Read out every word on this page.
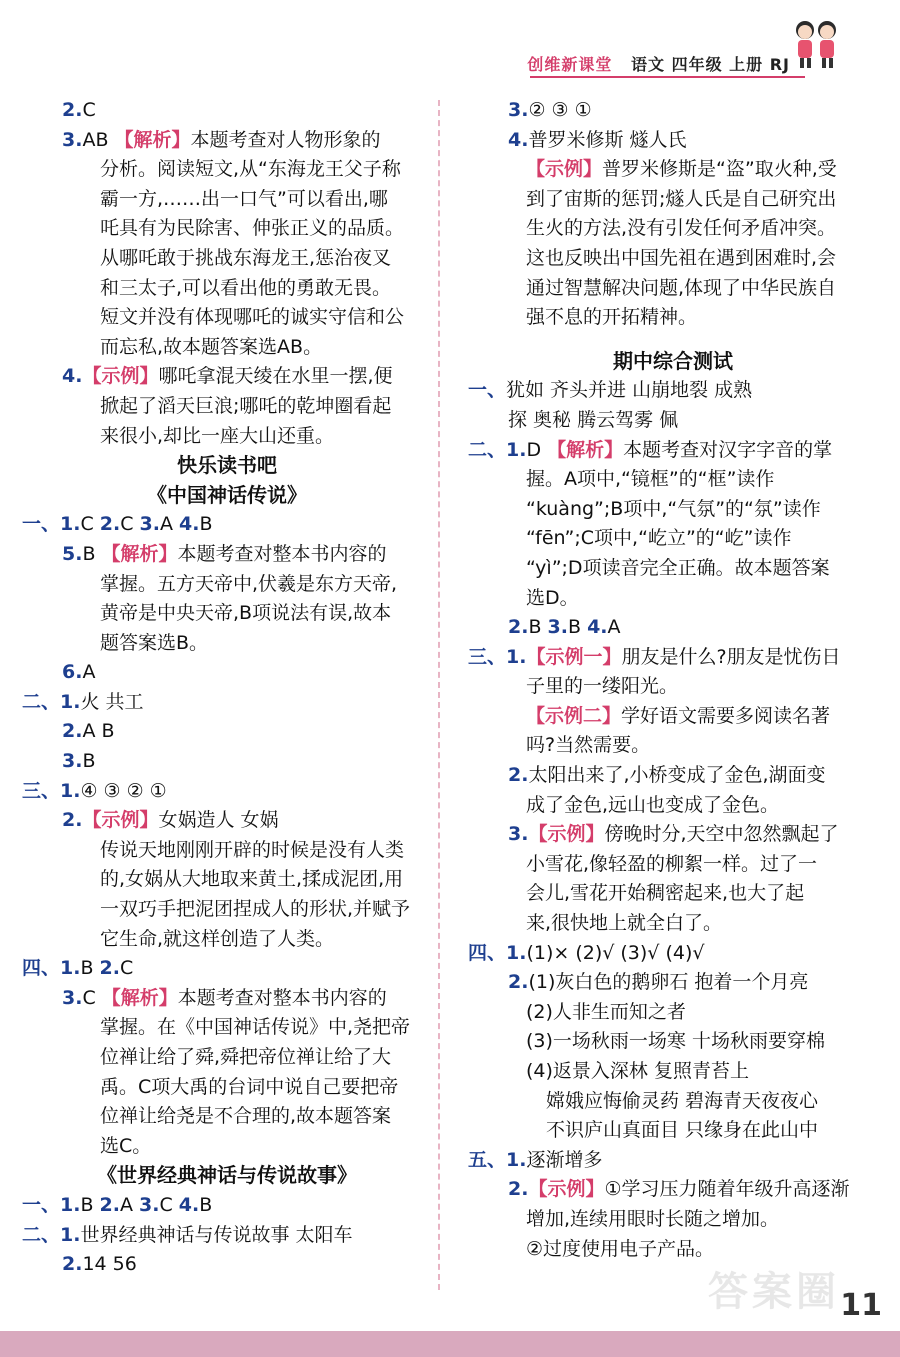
创维新课堂 语文 四年级 上册 RJ
2.C
3.AB 【解析】本题考查对人物形象的
分析。阅读短文,从“东海龙王父子称
霸一方,……出一口气”可以看出,哪
吒具有为民除害、伸张正义的品质。
从哪吒敢于挑战东海龙王,惩治夜叉
和三太子,可以看出他的勇敢无畏。
短文并没有体现哪吒的诚实守信和公
而忘私,故本题答案选AB。
4.【示例】哪吒拿混天绫在水里一摆,便
掀起了滔天巨浪;哪吒的乾坤圈看起
来很小,却比一座大山还重。
快乐读书吧
《中国神话传说》
一、1.C 2.C 3.A 4.B
5.B 【解析】本题考查对整本书内容的
掌握。五方天帝中,伏羲是东方天帝,
黄帝是中央天帝,B项说法有误,故本
题答案选B。
6.A
二、1.火 共工
2.A B
3.B
三、1.④ ③ ② ①
2.【示例】女娲造人 女娲
传说天地刚刚开辟的时候是没有人类
的,女娲从大地取来黄土,揉成泥团,用
一双巧手把泥团捏成人的形状,并赋予
它生命,就这样创造了人类。
四、1.B 2.C
3.C 【解析】本题考查对整本书内容的
掌握。在《中国神话传说》中,尧把帝
位禅让给了舜,舜把帝位禅让给了大
禹。C项大禹的台词中说自己要把帝
位禅让给尧是不合理的,故本题答案
选C。
《世界经典神话与传说故事》
一、1.B 2.A 3.C 4.B
二、1.世界经典神话与传说故事 太阳车
2.14 56
3.② ③ ①
4.普罗米修斯 燧人氏
【示例】普罗米修斯是“盗”取火种,受
到了宙斯的惩罚;燧人氏是自己研究出
生火的方法,没有引发任何矛盾冲突。
这也反映出中国先祖在遇到困难时,会
通过智慧解决问题,体现了中华民族自
强不息的开拓精神。
期中综合测试
一、犹如 齐头并进 山崩地裂 成熟
探 奥秘 腾云驾雾 佩
二、1.D 【解析】本题考查对汉字字音的掌
握。A项中,“镜框”的“框”读作
“kuàng”;B项中,“气氛”的“氛”读作
“fēn”;C项中,“屹立”的“屹”读作
“yì”;D项读音完全正确。故本题答案
选D。
2.B 3.B 4.A
三、1.【示例一】朋友是什么?朋友是忧伤日
子里的一缕阳光。
【示例二】学好语文需要多阅读名著
吗?当然需要。
2.太阳出来了,小桥变成了金色,湖面变
成了金色,远山也变成了金色。
3.【示例】傍晚时分,天空中忽然飘起了
小雪花,像轻盈的柳絮一样。过了一
会儿,雪花开始稠密起来,也大了起
来,很快地上就全白了。
四、1.(1)× (2)√ (3)√ (4)√
2.(1)灰白色的鹅卵石 抱着一个月亮
(2)人非生而知之者
(3)一场秋雨一场寒 十场秋雨要穿棉
(4)返景入深林 复照青苔上
嫦娥应悔偷灵药 碧海青天夜夜心
不识庐山真面目 只缘身在此山中
五、1.逐渐增多
2.【示例】①学习压力随着年级升高逐渐
增加,连续用眼时长随之增加。
②过度使用电子产品。
答案圈 11
